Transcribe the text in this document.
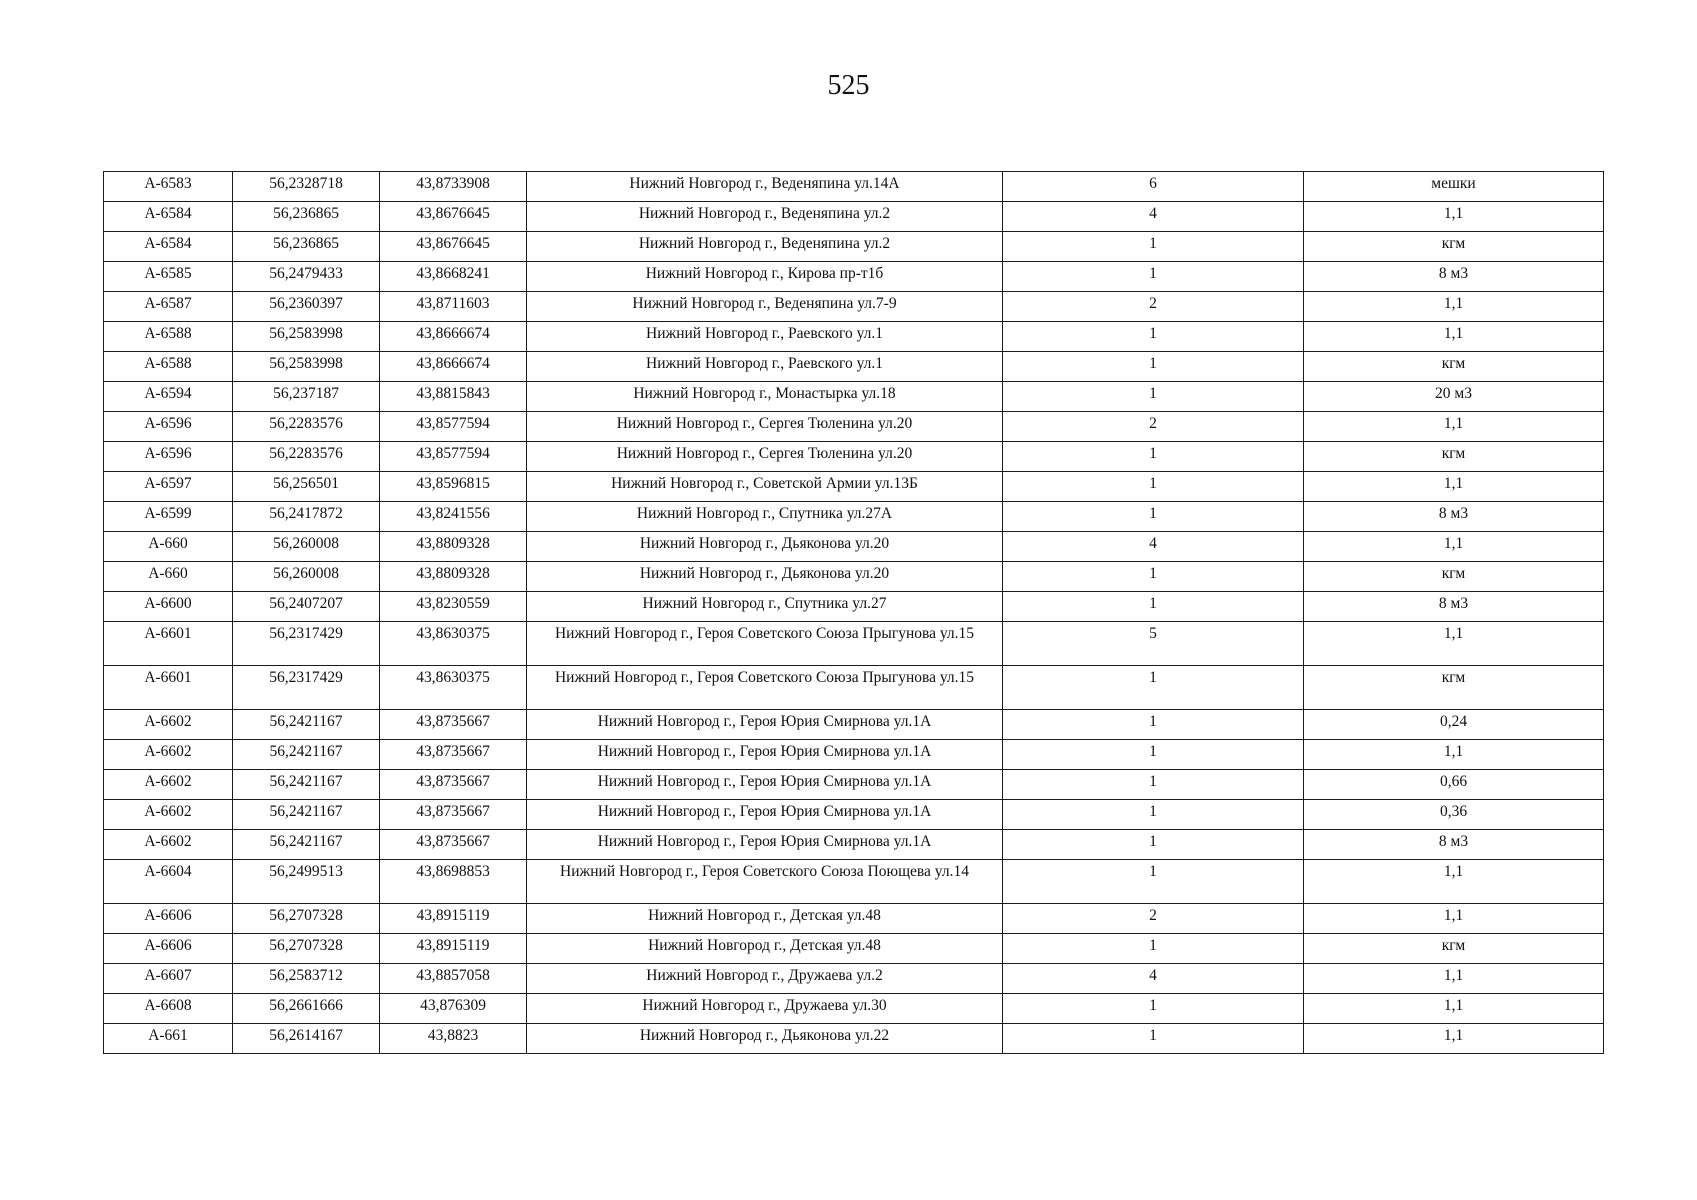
525
А-6583	56,2328718	43,8733908	Нижний Новгород г., Веденяпина ул.14А	6	мешки
А-6584	56,236865	43,8676645	Нижний Новгород г., Веденяпина ул.2	4	1,1
А-6584	56,236865	43,8676645	Нижний Новгород г., Веденяпина ул.2	1	кгм
А-6585	56,2479433	43,8668241	Нижний Новгород г., Кирова пр-т1б	1	8 м3
А-6587	56,2360397	43,8711603	Нижний Новгород г., Веденяпина ул.7-9	2	1,1
А-6588	56,2583998	43,8666674	Нижний Новгород г., Раевского ул.1	1	1,1
А-6588	56,2583998	43,8666674	Нижний Новгород г., Раевского ул.1	1	кгм
А-6594	56,237187	43,8815843	Нижний Новгород г., Монастырка ул.18	1	20 м3
А-6596	56,2283576	43,8577594	Нижний Новгород г., Сергея Тюленина ул.20	2	1,1
А-6596	56,2283576	43,8577594	Нижний Новгород г., Сергея Тюленина ул.20	1	кгм
А-6597	56,256501	43,8596815	Нижний Новгород г., Советской Армии ул.13Б	1	1,1
А-6599	56,2417872	43,8241556	Нижний Новгород г., Спутника ул.27А	1	8 м3
А-660	56,260008	43,8809328	Нижний Новгород г., Дьяконова ул.20	4	1,1
А-660	56,260008	43,8809328	Нижний Новгород г., Дьяконова ул.20	1	кгм
А-6600	56,2407207	43,8230559	Нижний Новгород г., Спутника ул.27	1	8 м3
А-6601	56,2317429	43,8630375	Нижний Новгород г., Героя Советского Союза Прыгунова ул.15	5	1,1
А-6601	56,2317429	43,8630375	Нижний Новгород г., Героя Советского Союза Прыгунова ул.15	1	кгм
А-6602	56,2421167	43,8735667	Нижний Новгород г., Героя Юрия Смирнова ул.1А	1	0,24
А-6602	56,2421167	43,8735667	Нижний Новгород г., Героя Юрия Смирнова ул.1А	1	1,1
А-6602	56,2421167	43,8735667	Нижний Новгород г., Героя Юрия Смирнова ул.1А	1	0,66
А-6602	56,2421167	43,8735667	Нижний Новгород г., Героя Юрия Смирнова ул.1А	1	0,36
А-6602	56,2421167	43,8735667	Нижний Новгород г., Героя Юрия Смирнова ул.1А	1	8 м3
А-6604	56,2499513	43,8698853	Нижний Новгород г., Героя Советского Союза Поющева ул.14	1	1,1
А-6606	56,2707328	43,8915119	Нижний Новгород г., Детская ул.48	2	1,1
А-6606	56,2707328	43,8915119	Нижний Новгород г., Детская ул.48	1	кгм
А-6607	56,2583712	43,8857058	Нижний Новгород г., Дружаева ул.2	4	1,1
А-6608	56,2661666	43,876309	Нижний Новгород г., Дружаева ул.30	1	1,1
А-661	56,2614167	43,8823	Нижний Новгород г., Дьяконова ул.22	1	1,1
